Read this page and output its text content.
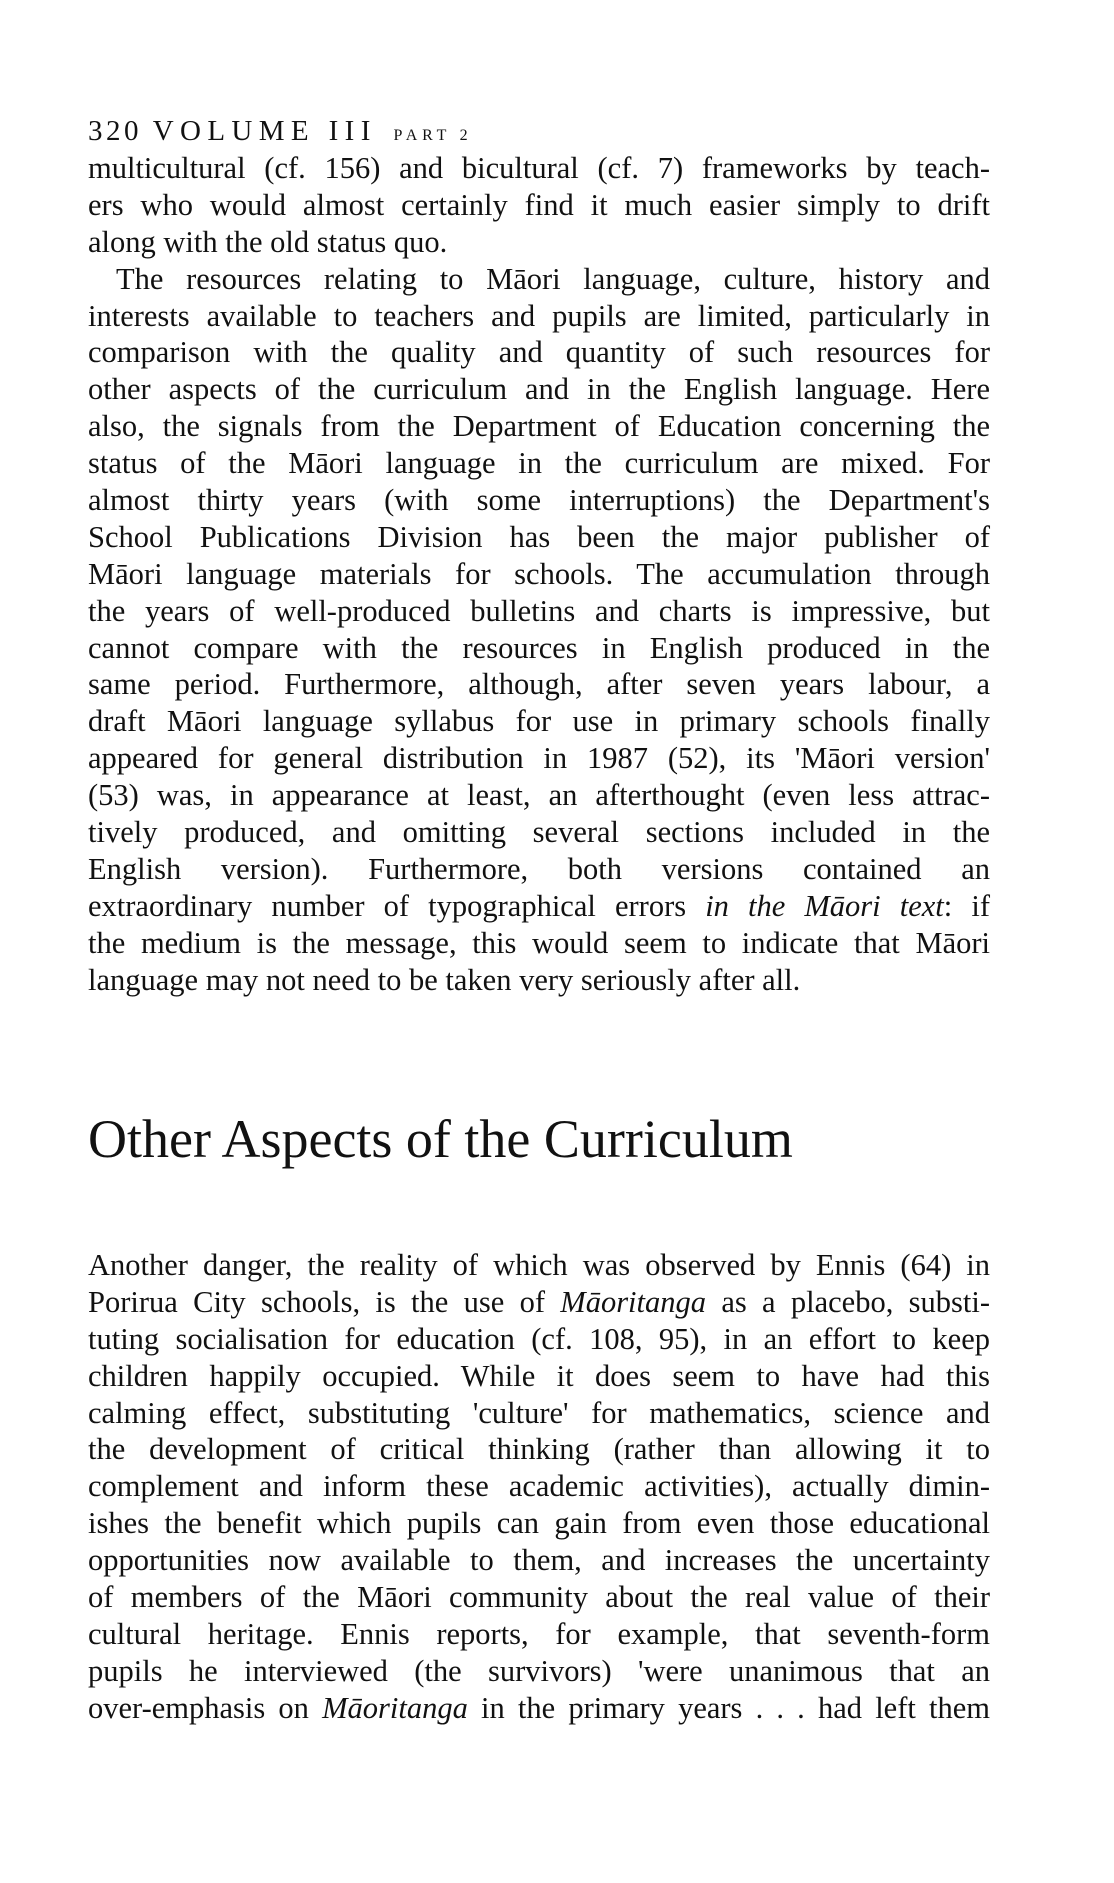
320 VOLUME III PART 2
multicultural (cf. 156) and bicultural (cf. 7) frameworks by teach-
ers who would almost certainly find it much easier simply to drift
along with the old status quo.
The resources relating to Māori language, culture, history and
interests available to teachers and pupils are limited, particularly in
comparison with the quality and quantity of such resources for
other aspects of the curriculum and in the English language. Here
also, the signals from the Department of Education concerning the
status of the Māori language in the curriculum are mixed. For
almost thirty years (with some interruptions) the Department's
School Publications Division has been the major publisher of
Māori language materials for schools. The accumulation through
the years of well-produced bulletins and charts is impressive, but
cannot compare with the resources in English produced in the
same period. Furthermore, although, after seven years labour, a
draft Māori language syllabus for use in primary schools finally
appeared for general distribution in 1987 (52), its 'Māori version'
(53) was, in appearance at least, an afterthought (even less attrac-
tively produced, and omitting several sections included in the
English version). Furthermore, both versions contained an
extraordinary number of typographical errors in the Māori text: if
the medium is the message, this would seem to indicate that Māori
language may not need to be taken very seriously after all.
Other Aspects of the Curriculum
Another danger, the reality of which was observed by Ennis (64) in
Porirua City schools, is the use of Māoritanga as a placebo, substi-
tuting socialisation for education (cf. 108, 95), in an effort to keep
children happily occupied. While it does seem to have had this
calming effect, substituting 'culture' for mathematics, science and
the development of critical thinking (rather than allowing it to
complement and inform these academic activities), actually dimin-
ishes the benefit which pupils can gain from even those educational
opportunities now available to them, and increases the uncertainty
of members of the Māori community about the real value of their
cultural heritage. Ennis reports, for example, that seventh-form
pupils he interviewed (the survivors) 'were unanimous that an
over-emphasis on Māoritanga in the primary years . . . had left them
